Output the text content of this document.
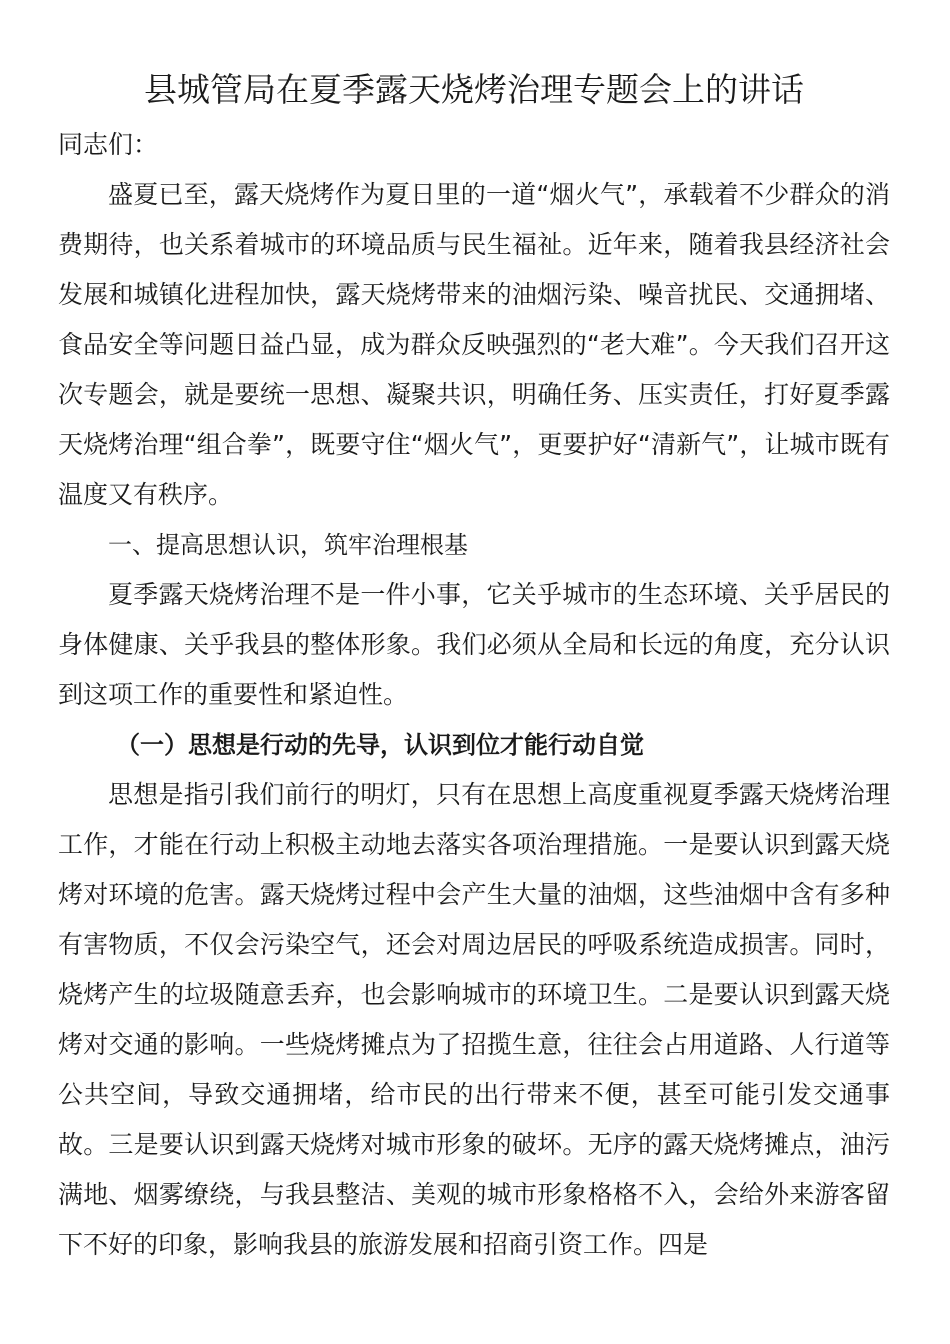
县城管局在夏季露天烧烤治理专题会上的讲话

同志们：

盛夏已至，露天烧烤作为夏日里的一道“烟火气”，承载着不少群众的消费期待，也关系着城市的环境品质与民生福祉。近年来，随着我县经济社会发展和城镇化进程加快，露天烧烤带来的油烟污染、噪音扰民、交通拥堵、食品安全等问题日益凸显，成为群众反映强烈的“老大难”。今天我们召开这次专题会，就是要统一思想、凝聚共识，明确任务、压实责任，打好夏季露天烧烤治理“组合拳”，既要守住“烟火气”，更要护好“清新气”，让城市既有温度又有秩序。

一、提高思想认识，筑牢治理根基

夏季露天烧烤治理不是一件小事，它关乎城市的生态环境、关乎居民的身体健康、关乎我县的整体形象。我们必须从全局和长远的角度，充分认识到这项工作的重要性和紧迫性。

（一）思想是行动的先导，认识到位才能行动自觉

思想是指引我们前行的明灯，只有在思想上高度重视夏季露天烧烤治理工作，才能在行动上积极主动地去落实各项治理措施。一是要认识到露天烧烤对环境的危害。露天烧烤过程中会产生大量的油烟，这些油烟中含有多种有害物质，不仅会污染空气，还会对周边居民的呼吸系统造成损害。同时，烧烤产生的垃圾随意丢弃，也会影响城市的环境卫生。二是要认识到露天烧烤对交通的影响。一些烧烤摊点为了招揽生意，往往会占用道路、人行道等公共空间，导致交通拥堵，给市民的出行带来不便，甚至可能引发交通事故。三是要认识到露天烧烤对城市形象的破坏。无序的露天烧烤摊点，油污满地、烟雾缭绕，与我县整洁、美观的城市形象格格不入，会给外来游客留下不好的印象，影响我县的旅游发展和招商引资工作。四是
